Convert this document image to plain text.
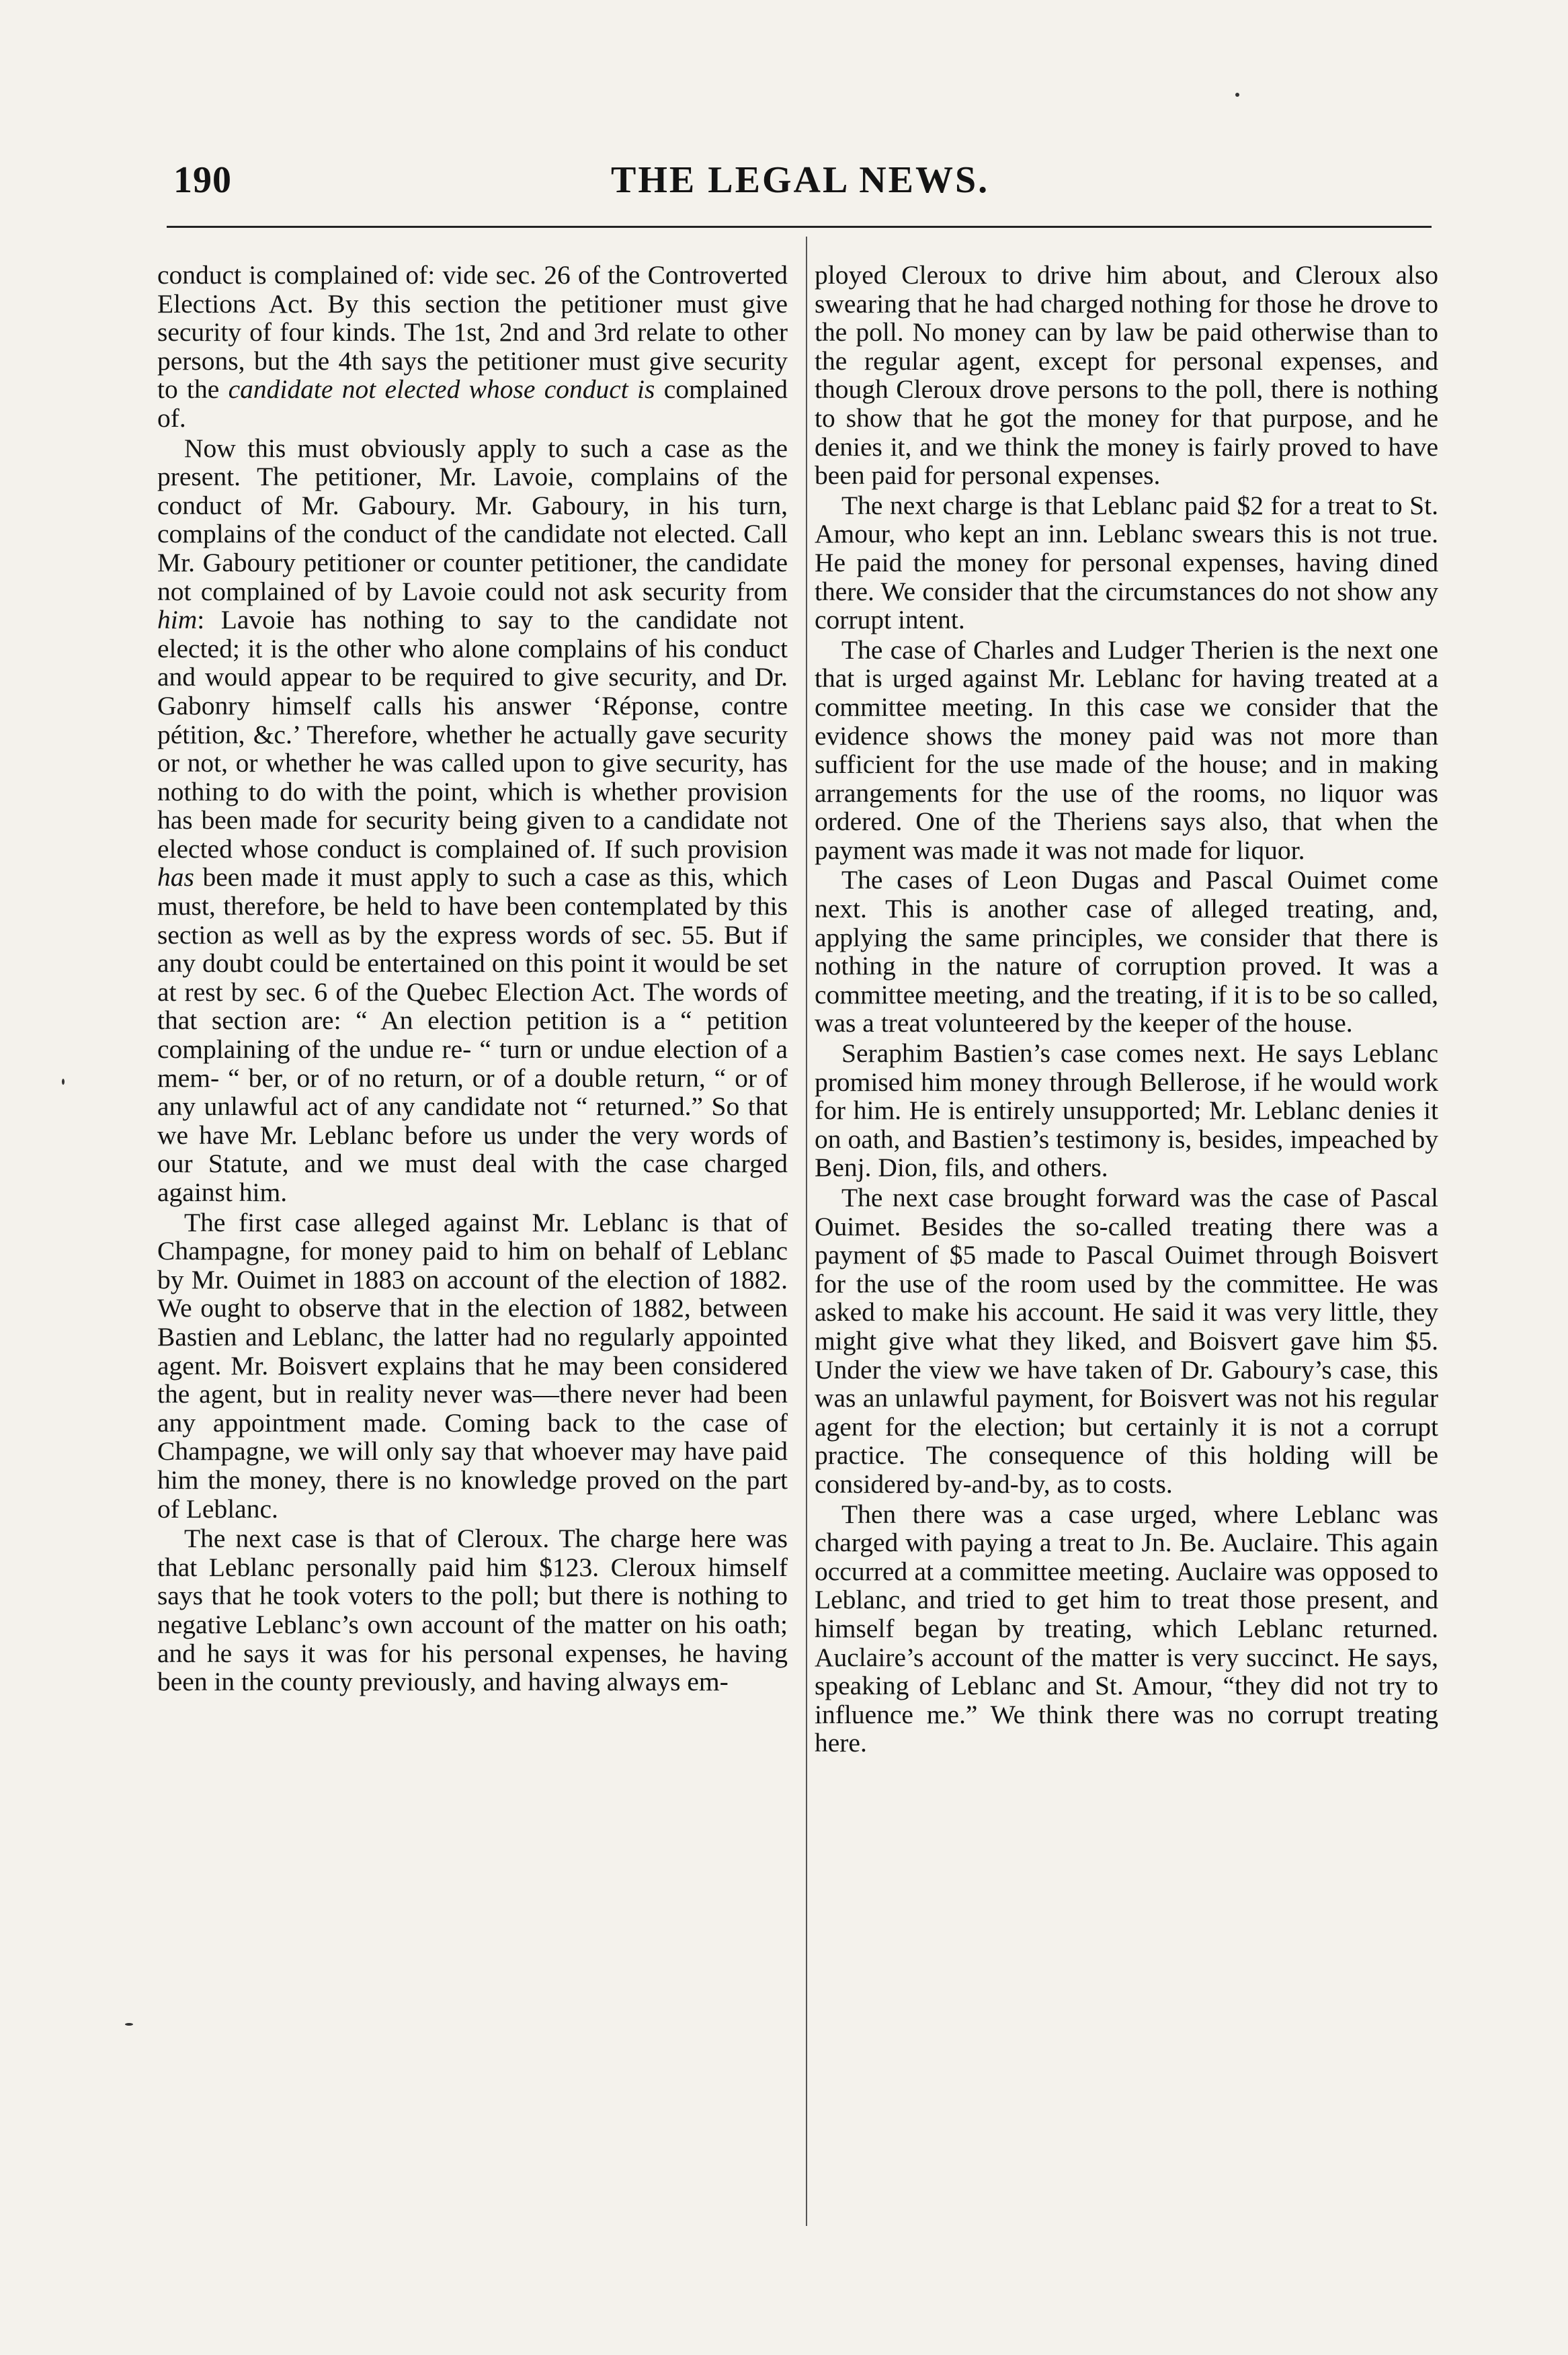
190	THE LEGAL NEWS.

conduct is complained of: vide sec. 26 of the Controverted Elections Act. By this section the petitioner must give security of four kinds. The 1st, 2nd and 3rd relate to other persons, but the 4th says the petitioner must give security to the candidate not elected whose conduct is complained of.

Now this must obviously apply to such a case as the present. The petitioner, Mr. Lavoie, complains of the conduct of Mr. Gaboury. Mr. Gaboury, in his turn, complains of the conduct of the candidate not elected. Call Mr. Gaboury petitioner or counter petitioner, the candidate not complained of by Lavoie could not ask security from him: Lavoie has nothing to say to the candidate not elected; it is the other who alone complains of his conduct and would appear to be required to give security, and Dr. Gabonry himself calls his answer ‘Réponse, contre pétition, &c.’ Therefore, whether he actually gave security or not, or whether he was called upon to give security, has nothing to do with the point, which is whether provision has been made for security being given to a candidate not elected whose conduct is complained of. If such provision has been made it must apply to such a case as this, which must, therefore, be held to have been contemplated by this section as well as by the express words of sec. 55. But if any doubt could be entertained on this point it would be set at rest by sec. 6 of the Quebec Election Act. The words of that section are: “ An election petition is a “ petition complaining of the undue re- “ turn or undue election of a mem- “ ber, or of no return, or of a double return, “ or of any unlawful act of any candidate not “ returned.” So that we have Mr. Leblanc before us under the very words of our Statute, and we must deal with the case charged against him.

The first case alleged against Mr. Leblanc is that of Champagne, for money paid to him on behalf of Leblanc by Mr. Ouimet in 1883 on account of the election of 1882. We ought to observe that in the election of 1882, between Bastien and Leblanc, the latter had no regularly appointed agent. Mr. Boisvert explains that he may been considered the agent, but in reality never was—there never had been any appointment made. Coming back to the case of Champagne, we will only say that whoever may have paid him the money, there is no knowledge proved on the part of Leblanc.

The next case is that of Cleroux. The charge here was that Leblanc personally paid him $123. Cleroux himself says that he took voters to the poll; but there is nothing to negative Leblanc’s own account of the matter on his oath; and he says it was for his personal expenses, he having been in the county previously, and having always em-

ployed Cleroux to drive him about, and Cleroux also swearing that he had charged nothing for those he drove to the poll. No money can by law be paid otherwise than to the regular agent, except for personal expenses, and though Cleroux drove persons to the poll, there is nothing to show that he got the money for that purpose, and he denies it, and we think the money is fairly proved to have been paid for personal expenses.

The next charge is that Leblanc paid $2 for a treat to St. Amour, who kept an inn. Leblanc swears this is not true. He paid the money for personal expenses, having dined there. We consider that the circumstances do not show any corrupt intent.

The case of Charles and Ludger Therien is the next one that is urged against Mr. Leblanc for having treated at a committee meeting. In this case we consider that the evidence shows the money paid was not more than sufficient for the use made of the house; and in making arrangements for the use of the rooms, no liquor was ordered. One of the Theriens says also, that when the payment was made it was not made for liquor.

The cases of Leon Dugas and Pascal Ouimet come next. This is another case of alleged treating, and, applying the same principles, we consider that there is nothing in the nature of corruption proved. It was a committee meeting, and the treating, if it is to be so called, was a treat volunteered by the keeper of the house.

Seraphim Bastien’s case comes next. He says Leblanc promised him money through Bellerose, if he would work for him. He is entirely unsupported; Mr. Leblanc denies it on oath, and Bastien’s testimony is, besides, impeached by Benj. Dion, fils, and others.

The next case brought forward was the case of Pascal Ouimet. Besides the so-called treating there was a payment of $5 made to Pascal Ouimet through Boisvert for the use of the room used by the committee. He was asked to make his account. He said it was very little, they might give what they liked, and Boisvert gave him $5. Under the view we have taken of Dr. Gaboury’s case, this was an unlawful payment, for Boisvert was not his regular agent for the election; but certainly it is not a corrupt practice. The consequence of this holding will be considered by-and-by, as to costs.

Then there was a case urged, where Leblanc was charged with paying a treat to Jn. Be. Auclaire. This again occurred at a committee meeting. Auclaire was opposed to Leblanc, and tried to get him to treat those present, and himself began by treating, which Leblanc returned. Auclaire’s account of the matter is very succinct. He says, speaking of Leblanc and St. Amour, “they did not try to influence me.” We think there was no corrupt treating here.
